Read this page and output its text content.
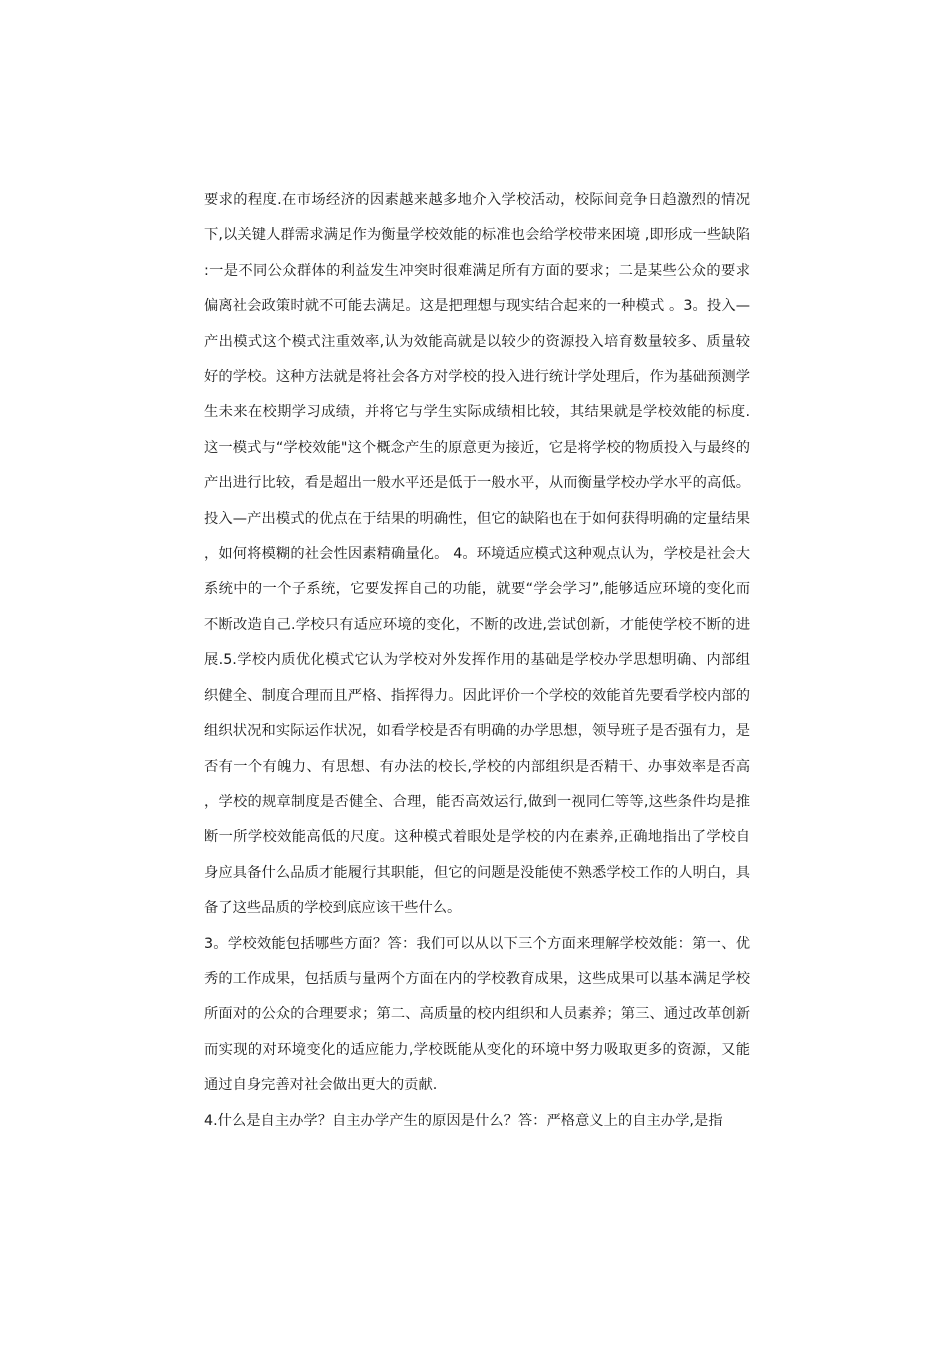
要求的程度.在市场经济的因素越来越多地介入学校活动，校际间竞争日趋激烈的情况下,以关键人群需求满足作为衡量学校效能的标准也会给学校带来困境 ,即形成一些缺陷:一是不同公众群体的利益发生冲突时很难满足所有方面的要求；二是某些公众的要求偏离社会政策时就不可能去满足。这是把理想与现实结合起来的一种模式 。3。投入—产出模式这个模式注重效率,认为效能高就是以较少的资源投入培育数量较多、质量较好的学校。这种方法就是将社会各方对学校的投入进行统计学处理后，作为基础预测学生未来在校期学习成绩，并将它与学生实际成绩相比较，其结果就是学校效能的标度.这一模式与“学校效能"这个概念产生的原意更为接近，它是将学校的物质投入与最终的产出进行比较，看是超出一般水平还是低于一般水平，从而衡量学校办学水平的高低。投入—产出模式的优点在于结果的明确性，但它的缺陷也在于如何获得明确的定量结果，如何将模糊的社会性因素精确量化。 4。环境适应模式这种观点认为，学校是社会大系统中的一个子系统，它要发挥自己的功能，就要“学会学习”,能够适应环境的变化而不断改造自己.学校只有适应环境的变化，不断的改进,尝试创新，才能使学校不断的进展.5.学校内质优化模式它认为学校对外发挥作用的基础是学校办学思想明确、内部组织健全、制度合理而且严格、指挥得力。因此评价一个学校的效能首先要看学校内部的组织状况和实际运作状况，如看学校是否有明确的办学思想，领导班子是否强有力，是否有一个有魄力、有思想、有办法的校长,学校的内部组织是否精干、办事效率是否高，学校的规章制度是否健全、合理，能否高效运行,做到一视同仁等等,这些条件均是推断一所学校效能高低的尺度。这种模式着眼处是学校的内在素养,正确地指出了学校自身应具备什么品质才能履行其职能，但它的问题是没能使不熟悉学校工作的人明白，具备了这些品质的学校到底应该干些什么。

3。学校效能包括哪些方面？答：我们可以从以下三个方面来理解学校效能：第一、优秀的工作成果，包括质与量两个方面在内的学校教育成果，这些成果可以基本满足学校所面对的公众的合理要求；第二、高质量的校内组织和人员素养；第三、通过改革创新而实现的对环境变化的适应能力,学校既能从变化的环境中努力吸取更多的资源，又能通过自身完善对社会做出更大的贡献.

4.什么是自主办学？自主办学产生的原因是什么？答：严格意义上的自主办学,是指
